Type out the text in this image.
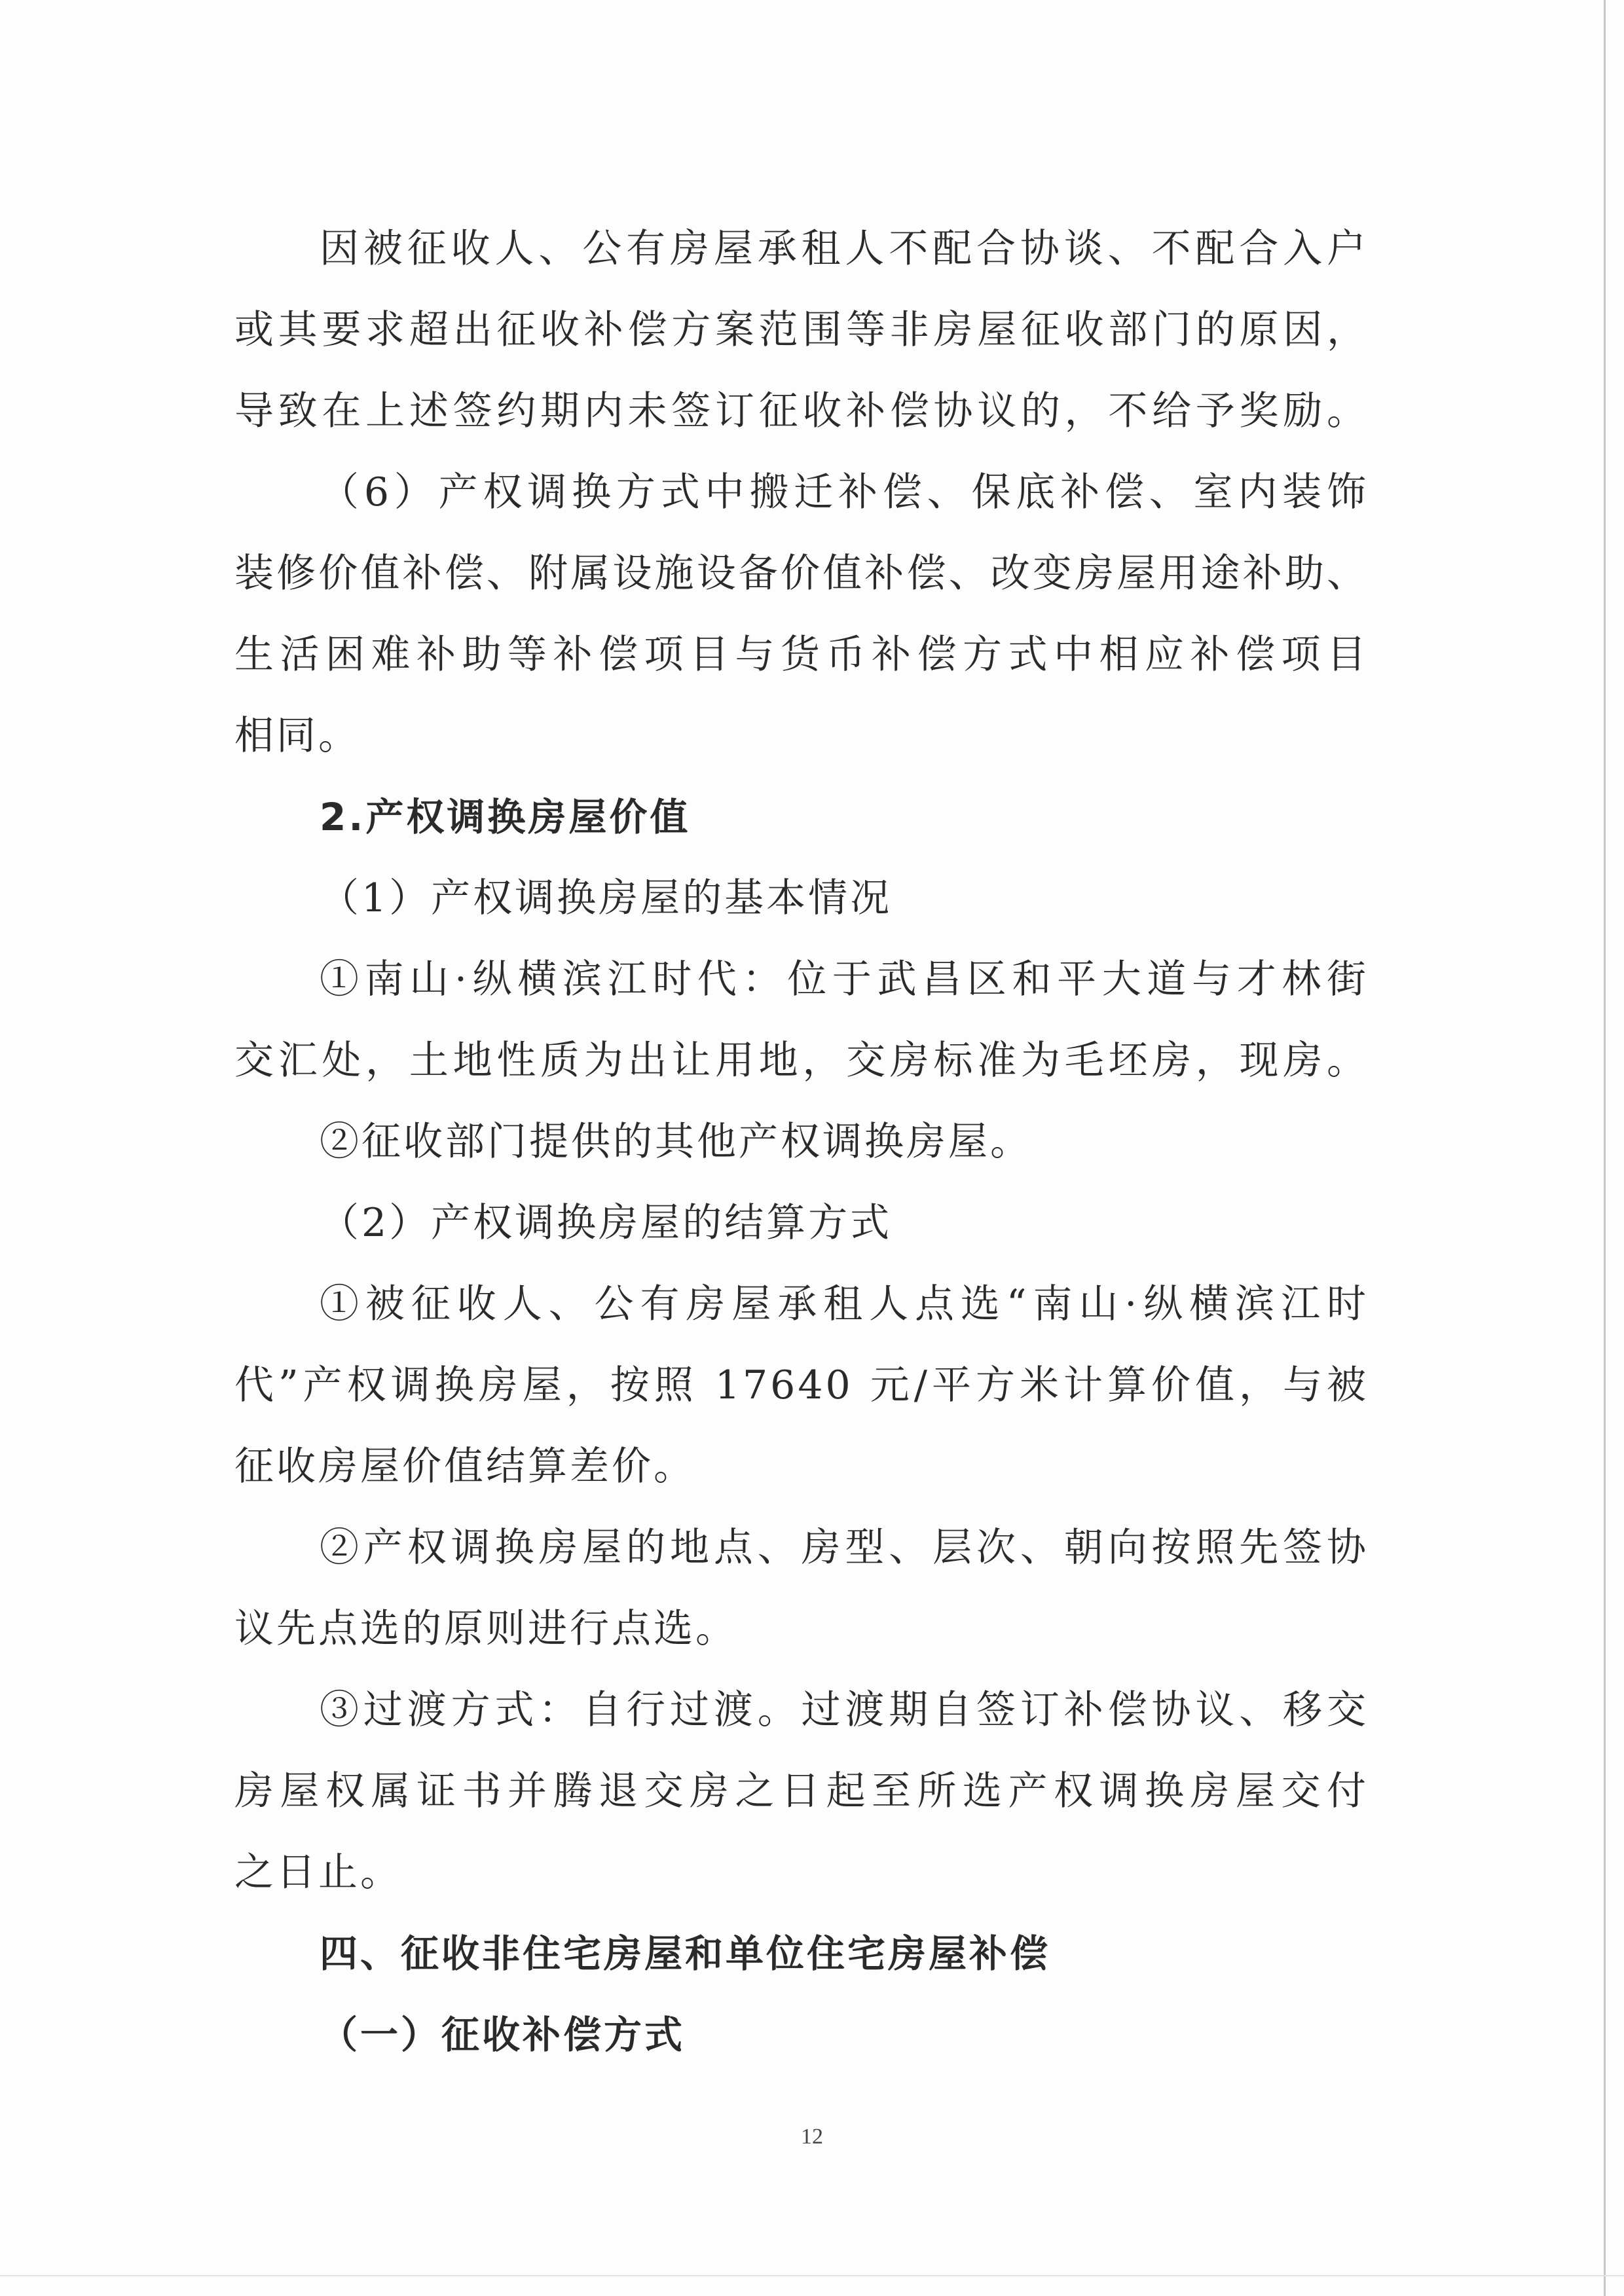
因被征收人、公有房屋承租人不配合协谈、不配合入户
或其要求超出征收补偿方案范围等非房屋征收部门的原因，
导致在上述签约期内未签订征收补偿协议的，不给予奖励。
（6）产权调换方式中搬迁补偿、保底补偿、室内装饰
装修价值补偿、附属设施设备价值补偿、改变房屋用途补助、
生活困难补助等补偿项目与货币补偿方式中相应补偿项目
相同。
2.产权调换房屋价值
（1）产权调换房屋的基本情况
①南山·纵横滨江时代：位于武昌区和平大道与才林街
交汇处，土地性质为出让用地，交房标准为毛坯房，现房。
②征收部门提供的其他产权调换房屋。
（2）产权调换房屋的结算方式
①被征收人、公有房屋承租人点选“南山·纵横滨江时
代”产权调换房屋，按照 17640 元/平方米计算价值，与被
征收房屋价值结算差价。
②产权调换房屋的地点、房型、层次、朝向按照先签协
议先点选的原则进行点选。
③过渡方式：自行过渡。过渡期自签订补偿协议、移交
房屋权属证书并腾退交房之日起至所选产权调换房屋交付
之日止。
四、征收非住宅房屋和单位住宅房屋补偿
（一）征收补偿方式
12
